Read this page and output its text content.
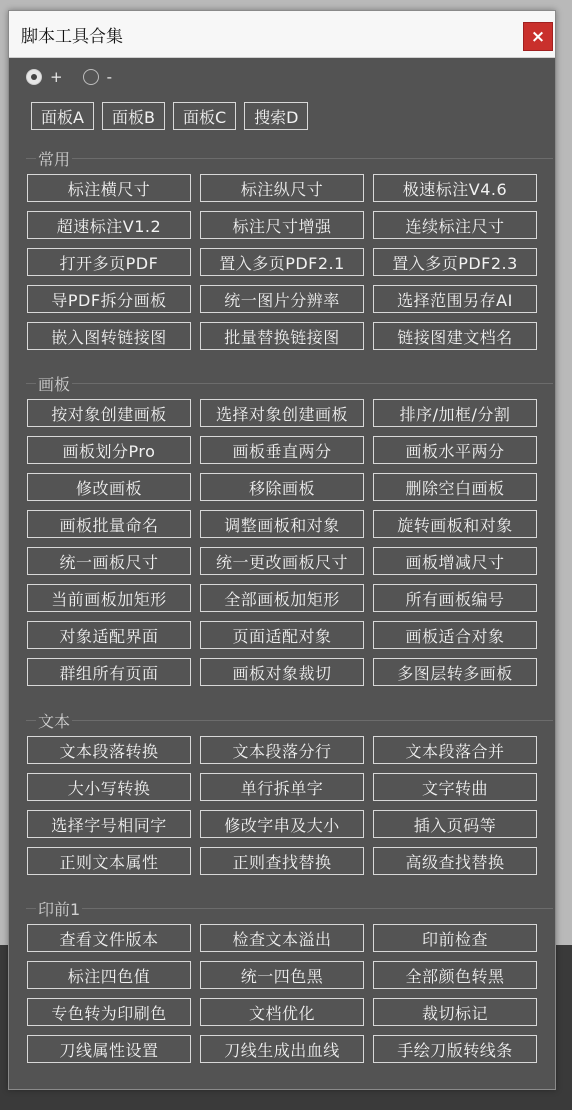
脚本工具合集	×
+	-
面板A	面板B	面板C	搜索D
常用
标注横尺寸	标注纵尺寸	极速标注V4.6
超速标注V1.2	标注尺寸增强	连续标注尺寸
打开多页PDF	置入多页PDF2.1	置入多页PDF2.3
导PDF拆分画板	统一图片分辨率	选择范围另存AI
嵌入图转链接图	批量替换链接图	链接图建文档名
画板
按对象创建画板	选择对象创建画板	排序/加框/分割
画板划分Pro	画板垂直两分	画板水平两分
修改画板	移除画板	删除空白画板
画板批量命名	调整画板和对象	旋转画板和对象
统一画板尺寸	统一更改画板尺寸	画板增减尺寸
当前画板加矩形	全部画板加矩形	所有画板编号
对象适配界面	页面适配对象	画板适合对象
群组所有页面	画板对象裁切	多图层转多画板
文本
文本段落转换	文本段落分行	文本段落合并
大小写转换	单行拆单字	文字转曲
选择字号相同字	修改字串及大小	插入页码等
正则文本属性	正则查找替换	高级查找替换
印前1
查看文件版本	检查文本溢出	印前检查
标注四色值	统一四色黑	全部颜色转黑
专色转为印刷色	文档优化	裁切标记
刀线属性设置	刀线生成出血线	手绘刀版转线条
